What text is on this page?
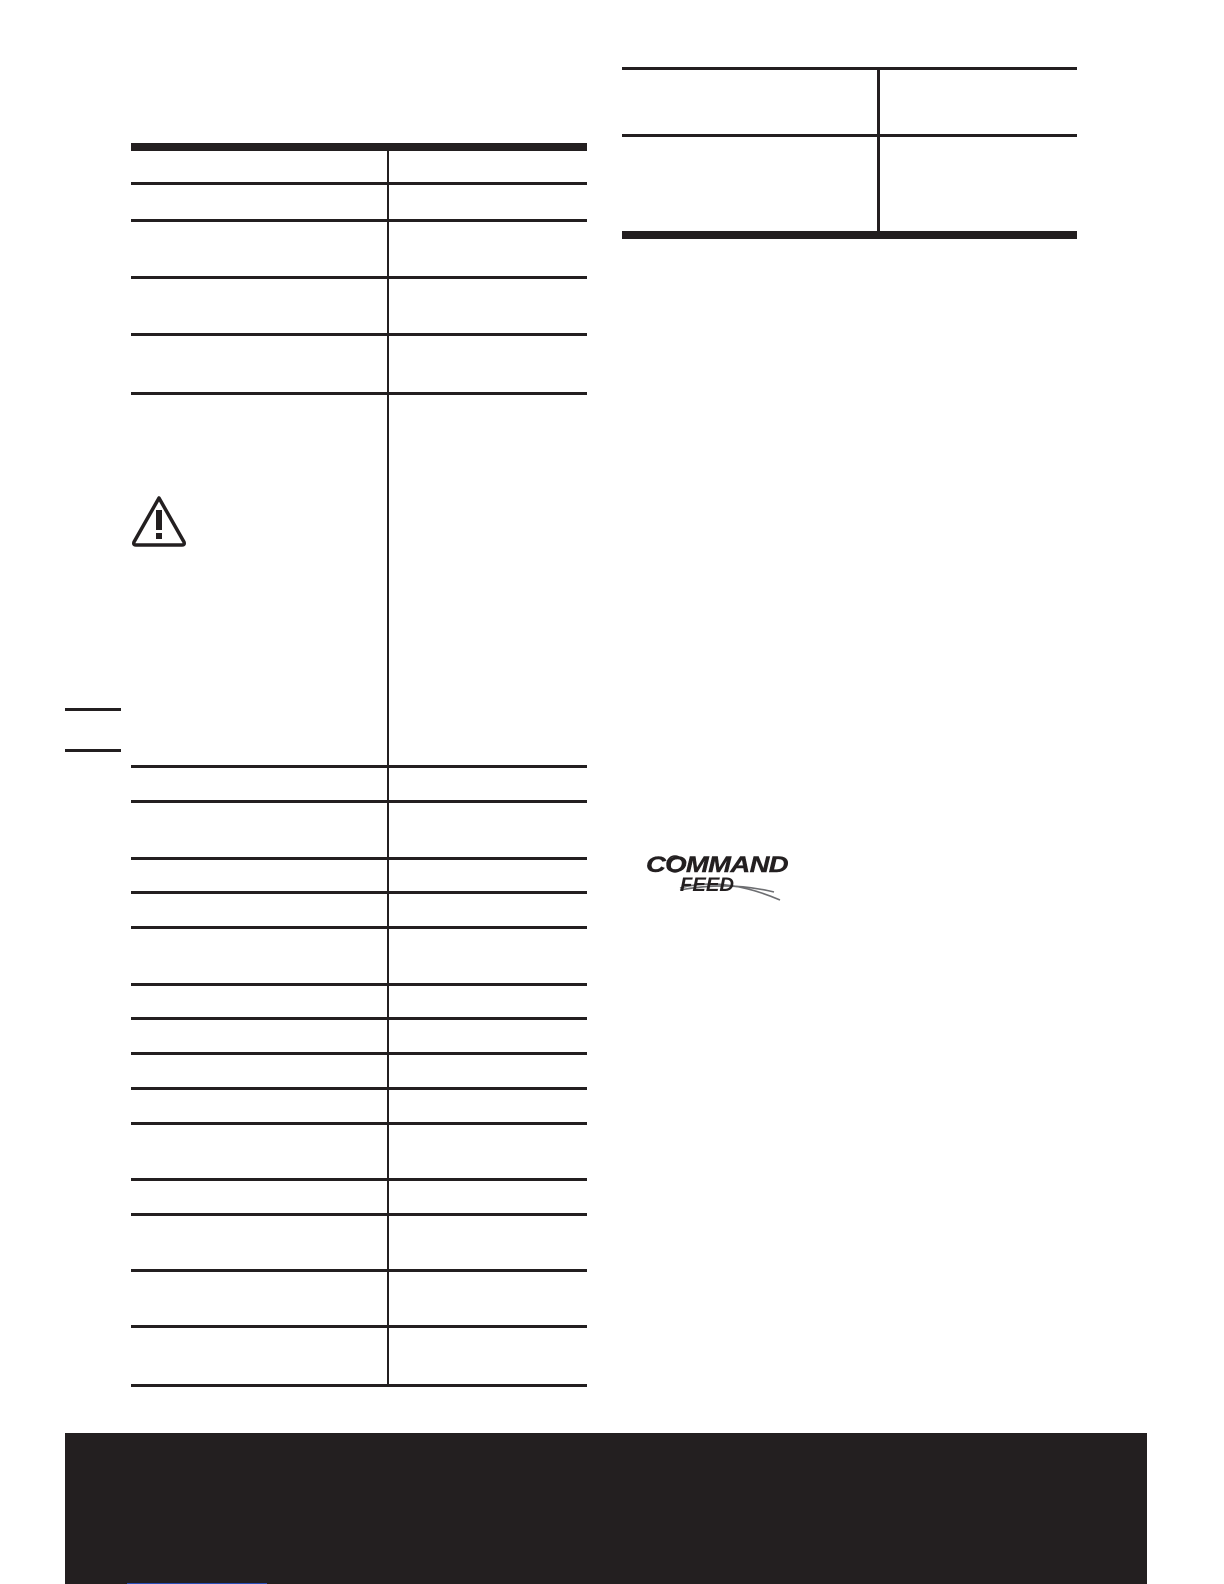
COMMAND
FEED
